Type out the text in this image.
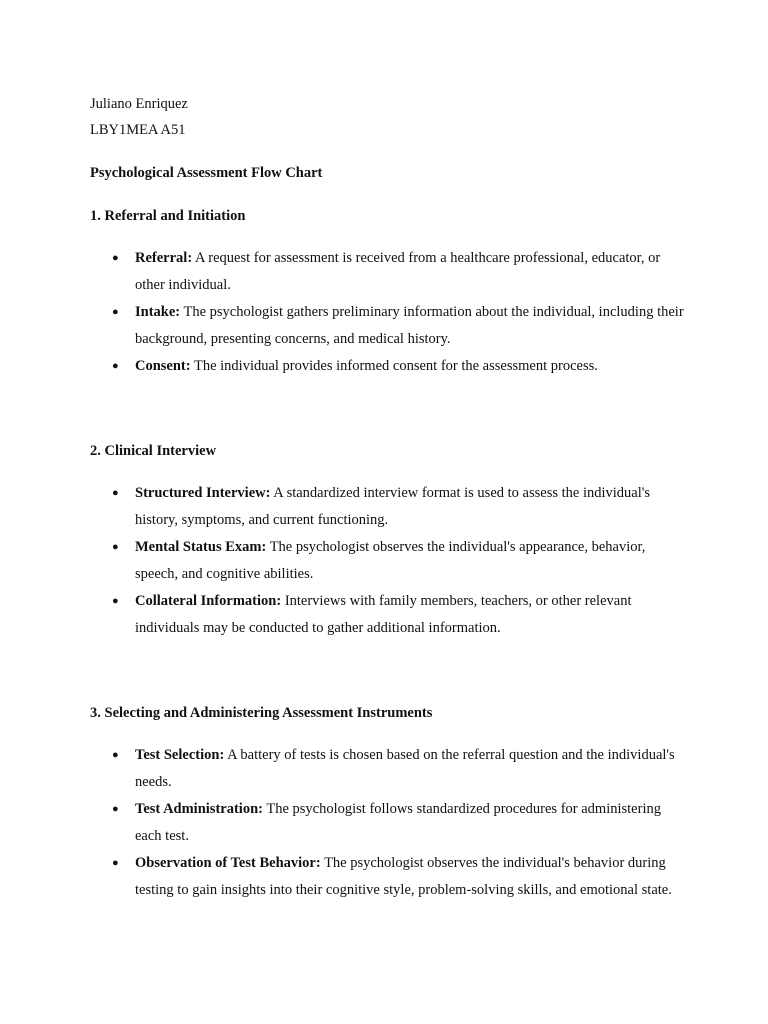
Juliano Enriquez

LBY1MEA A51

Psychological Assessment Flow Chart

1. Referral and Initiation

● Referral: A request for assessment is received from a healthcare professional, educator, or other individual.
● Intake: The psychologist gathers preliminary information about the individual, including their background, presenting concerns, and medical history.
● Consent: The individual provides informed consent for the assessment process.

2. Clinical Interview

● Structured Interview: A standardized interview format is used to assess the individual's history, symptoms, and current functioning.
● Mental Status Exam: The psychologist observes the individual's appearance, behavior, speech, and cognitive abilities.
● Collateral Information: Interviews with family members, teachers, or other relevant individuals may be conducted to gather additional information.

3. Selecting and Administering Assessment Instruments

● Test Selection: A battery of tests is chosen based on the referral question and the individual's needs.
● Test Administration: The psychologist follows standardized procedures for administering each test.
● Observation of Test Behavior: The psychologist observes the individual's behavior during testing to gain insights into their cognitive style, problem-solving skills, and emotional state.
